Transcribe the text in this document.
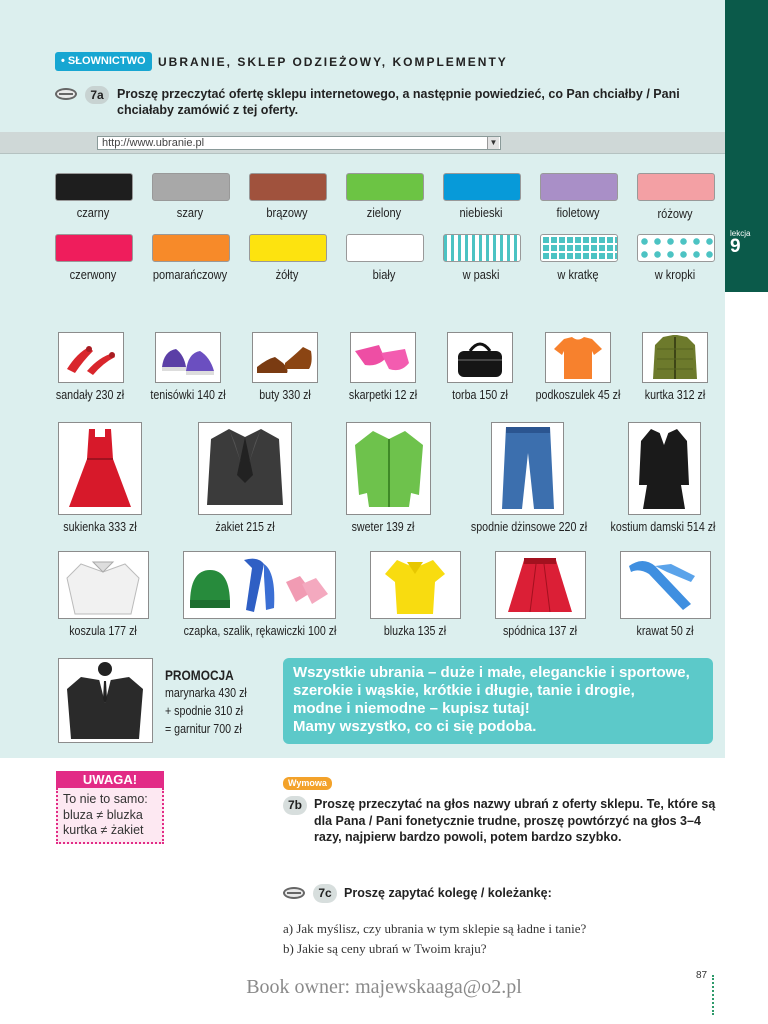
lekcja
9
• SŁOWNICTWO	UBRANIE, SKLEP ODZIEŻOWY, KOMPLEMENTY
7a	Proszę przeczytać ofertę sklepu internetowego, a następnie powiedzieć, co Pan chciałby / Pani chciałaby zamówić z tej oferty.
http://www.ubranie.pl	▼
czarny	szary	brązowy	zielony	niebieski	fioletowy	różowy
czerwony	pomarańczowy	żółty	biały	w paski	w kratkę	w kropki
sandały 230 zł	tenisówki 140 zł	buty 330 zł	skarpetki 12 zł	torba 150 zł	podkoszulek 45 zł	kurtka 312 zł
sukienka 333 zł	żakiet 215 zł	sweter 139 zł	spodnie dżinsowe 220 zł kostium damski 514 zł
koszula 177 zł	czapka, szalik, rękawiczki 100 zł	bluzka 135 zł	spódnica 137 zł	krawat 50 zł
PROMOCJA
marynarka 430 zł
+ spodnie 310 zł
= garnitur 700 zł
Wszystkie ubrania – duże i małe, eleganckie i sportowe,
szerokie i wąskie, krótkie i długie, tanie i drogie,
modne i niemodne – kupisz tutaj!
Mamy wszystko, co ci się podoba.
UWAGA!
To nie to samo:
bluza ≠ bluzka
kurtka ≠ żakiet
Wymowa
7b Proszę przeczytać na głos nazwy ubrań z oferty sklepu. Te, które są dla Pana / Pani fonetycznie trudne, proszę powtórzyć na głos 3–4 razy, najpierw bardzo powoli, potem bardzo szybko.
7c Proszę zapytać kolegę / koleżankę:
a) Jak myślisz, czy ubrania w tym sklepie są ładne i tanie?
b) Jakie są ceny ubrań w Twoim kraju?
87
Book owner: majewskaaga@o2.pl
